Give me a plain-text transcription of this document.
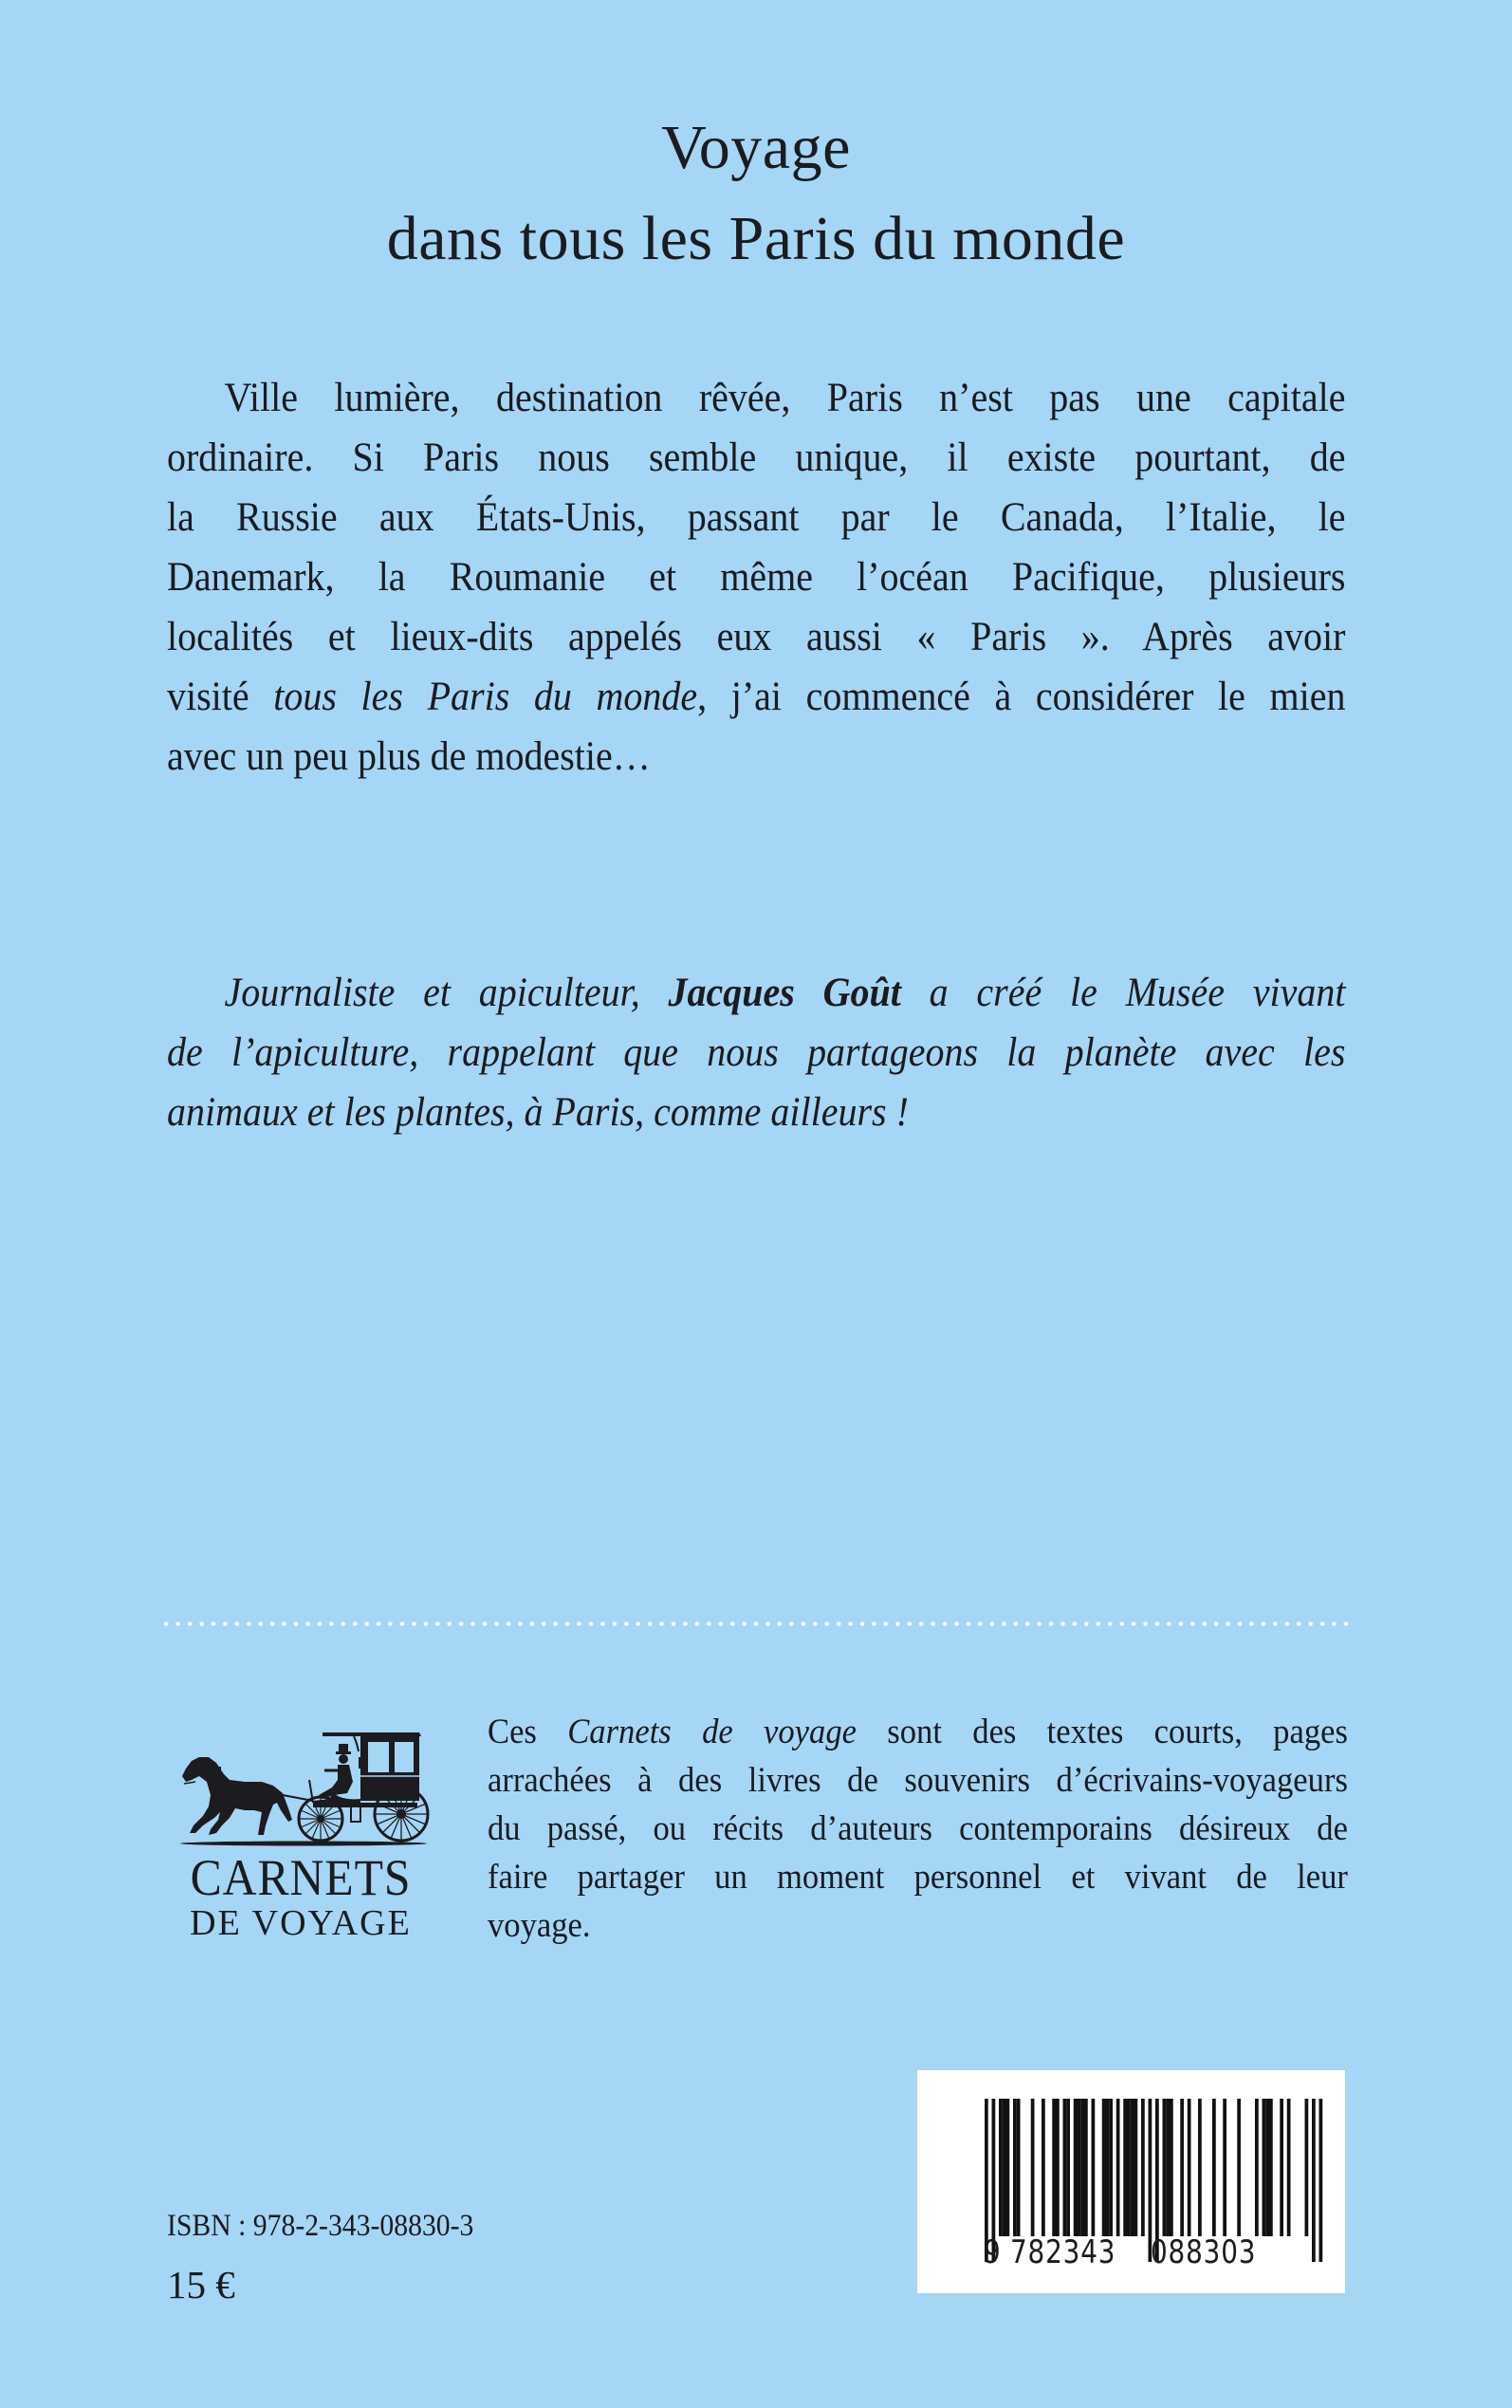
Voyage
dans tous les Paris du monde

Ville lumière, destination rêvée, Paris n’est pas une capitale
ordinaire. Si Paris nous semble unique, il existe pourtant, de
la Russie aux États-Unis, passant par le Canada, l’Italie, le
Danemark, la Roumanie et même l’océan Pacifique, plusieurs
localités et lieux-dits appelés eux aussi « Paris ». Après avoir
visité tous les Paris du monde, j’ai commencé à considérer le mien
avec un peu plus de modestie…

Journaliste et apiculteur, Jacques Goût a créé le Musée vivant
de l’apiculture, rappelant que nous partageons la planète avec les
animaux et les plantes, à Paris, comme ailleurs !

CARNETS
DE VOYAGE

Ces Carnets de voyage sont des textes courts, pages
arrachées à des livres de souvenirs d’écrivains-voyageurs
du passé, ou récits d’auteurs contemporains désireux de
faire partager un moment personnel et vivant de leur
voyage.

ISBN : 978-2-343-08830-3
15 €
9 782343 088303
